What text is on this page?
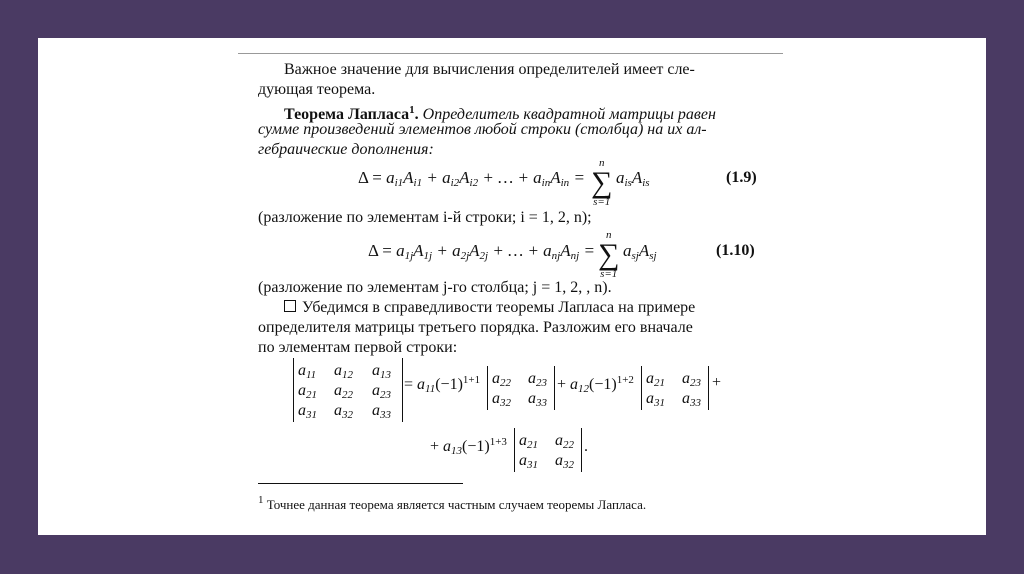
Важное значение для вычисления определителей имеет сле-
дующая теорема.
Теорема Лапласа$^1$. Определитель квадратной матрицы равен
сумме произведений элементов любой строки (столбца) на их ал-
гебраические дополнения:
$\Delta = a_{i1}A_{i1} + a_{i2}A_{i2}$ + … + $a_{in}A_{in}$ =
n
∑
s=1
$a_{is}A_{is}$	(1.9)
(разложение по элементам i-й строки; i = 1, 2, n);
$\Delta = a_{1j}A_{1j} + a_{2j}A_{2j}$ + … + $a_{nj}A_{nj}$ =
n
∑
s=1
$a_{sj}A_{sj}$	(1.10)
(разложение по элементам j-го столбца; j = 1, 2, , n).
Убедимся в справедливости теоремы Лапласа на примере
определителя матрицы третьего порядка. Разложим его вначале
по элементам первой строки:
$a_{11}$ $a_{12}$ $a_{13}$
$a_{21}$ $a_{22}$ $a_{23}$
$a_{31}$ $a_{32}$ $a_{33}$
= $a_{11}(-1)^{1+1}$ $a_{22}$ $a_{23}$
$a_{32}$ $a_{33}$
+ $a_{12}(-1)^{1+2}$ $a_{21}$ $a_{23}$
$a_{31}$ $a_{33}$
+
+ $a_{13}(-1)^{1+3}$ $a_{21}$ $a_{22}$
$a_{31}$ $a_{32}$
.
$^1$ Точнее данная теорема является частным случаем теоремы Лапласа.
